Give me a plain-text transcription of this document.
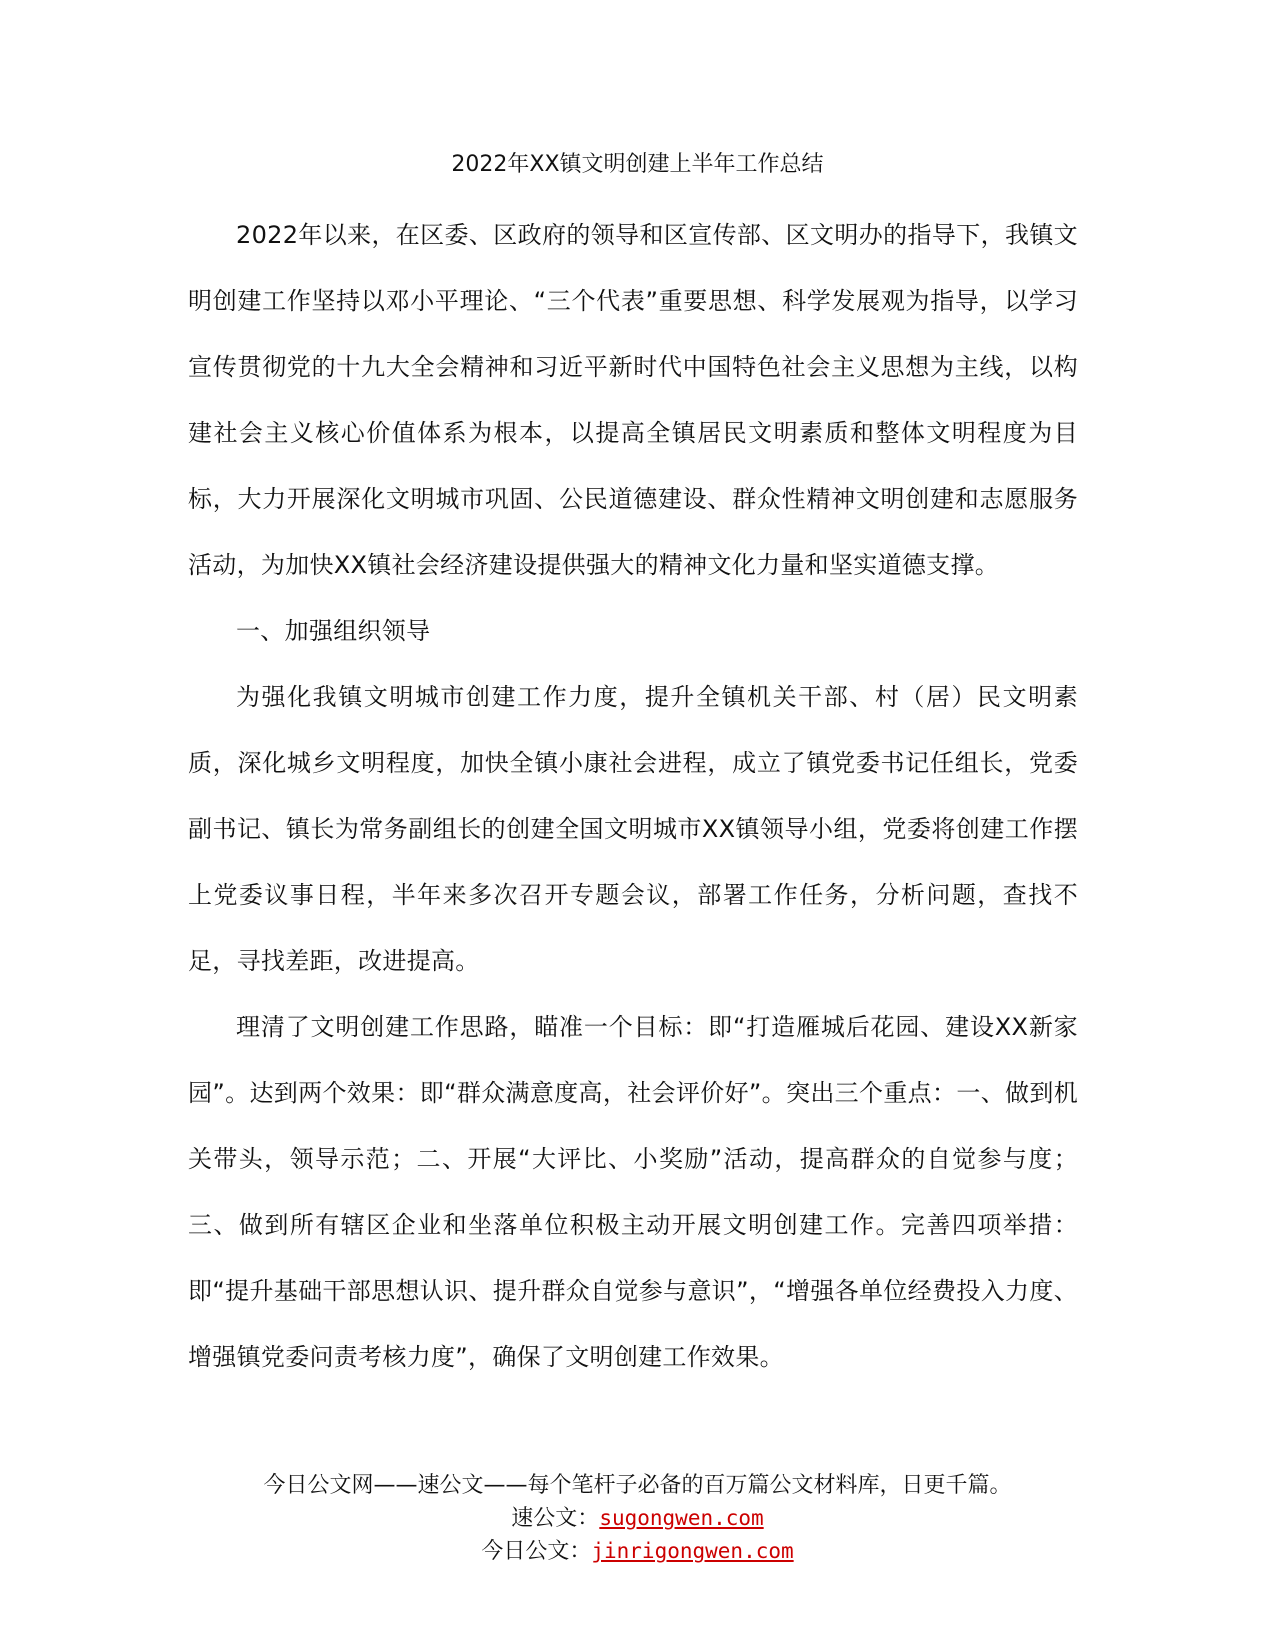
2022年XX镇文明创建上半年工作总结

2022年以来，在区委、区政府的领导和区宣传部、区文明办的指导下，我镇文明创建工作坚持以邓小平理论、“三个代表”重要思想、科学发展观为指导，以学习宣传贯彻党的十九大全会精神和习近平新时代中国特色社会主义思想为主线，以构建社会主义核心价值体系为根本，以提高全镇居民文明素质和整体文明程度为目标，大力开展深化文明城市巩固、公民道德建设、群众性精神文明创建和志愿服务活动，为加快XX镇社会经济建设提供强大的精神文化力量和坚实道德支撑。

一、加强组织领导

为强化我镇文明城市创建工作力度，提升全镇机关干部、村（居）民文明素质，深化城乡文明程度，加快全镇小康社会进程，成立了镇党委书记任组长，党委副书记、镇长为常务副组长的创建全国文明城市XX镇领导小组，党委将创建工作摆上党委议事日程，半年来多次召开专题会议，部署工作任务，分析问题，查找不足，寻找差距，改进提高。

理清了文明创建工作思路，瞄准一个目标：即“打造雁城后花园、建设XX新家园”。达到两个效果：即“群众满意度高，社会评价好”。突出三个重点：一、做到机关带头，领导示范；二、开展“大评比、小奖励”活动，提高群众的自觉参与度；三、做到所有辖区企业和坐落单位积极主动开展文明创建工作。完善四项举措：即“提升基础干部思想认识、提升群众自觉参与意识”，“增强各单位经费投入力度、增强镇党委问责考核力度”，确保了文明创建工作效果。

今日公文网——速公文——每个笔杆子必备的百万篇公文材料库，日更千篇。
速公文：sugongwen.com
今日公文：jinrigongwen.com
